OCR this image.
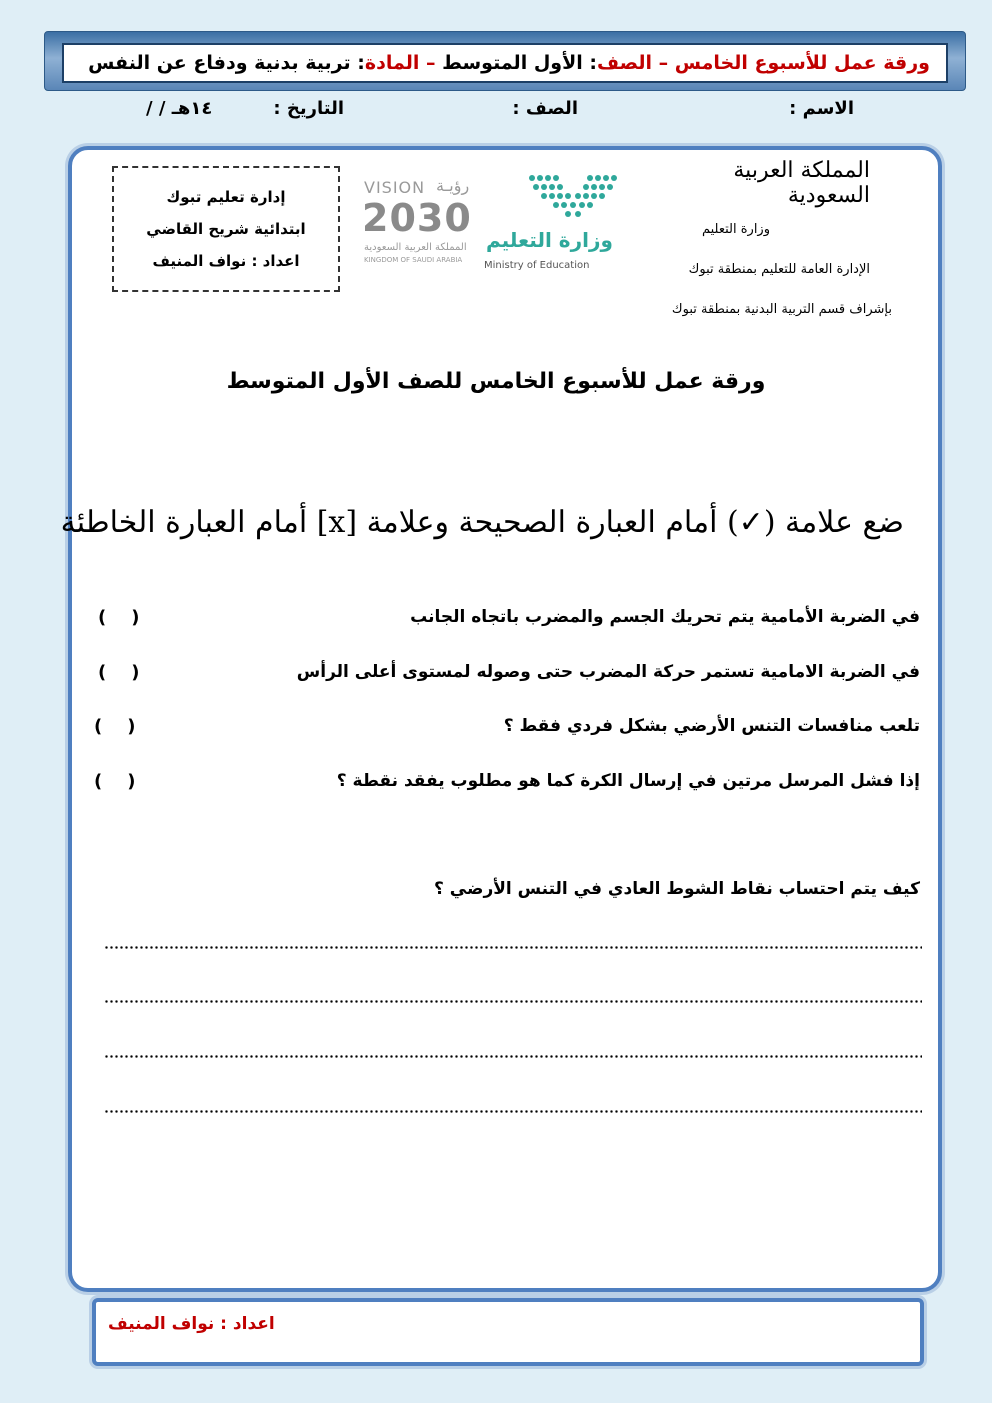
ورقة عمل للأسبوع الخامس

–

الصف
:

الأول المتوسط

–

المادة
:

تربية بدنية ودفاع عن النفس
الاسم :
الصف :
التاريخ :
/ / ١٤هـ
المملكة العربية السعودية
وزارة التعليم
الإدارة العامة للتعليم بمنطقة تبوك
بإشراف قسم التربية البدنية بمنطقة تبوك
وزارة التعليم
Ministry of Education
VISION رؤيـة
2030
المملكة العربية السعودية
KINGDOM OF SAUDI ARABIA
إدارة تعليم تبوك
ابتدائية شريح القاضي
اعداد : نواف المنيف
ورقة عمل للأسبوع الخامس للصف الأول المتوسط
ضع علامة (✓) أمام العبارة الصحيحة وعلامة [x] أمام العبارة الخاطئة
في الضربة الأمامية يتم تحريك الجسم والمضرب باتجاه الجانب
(    )
في الضربة الامامية تستمر حركة المضرب حتى وصوله لمستوى أعلى الرأس
(    )
تلعب منافسات التنس الأرضي بشكل فردي فقط ؟
(    )
إذا فشل المرسل مرتين في إرسال الكرة كما هو مطلوب يفقد نقطة ؟
(    )
كيف يتم احتساب نقاط الشوط العادي في التنس الأرضي ؟
اعداد : نواف المنيف
